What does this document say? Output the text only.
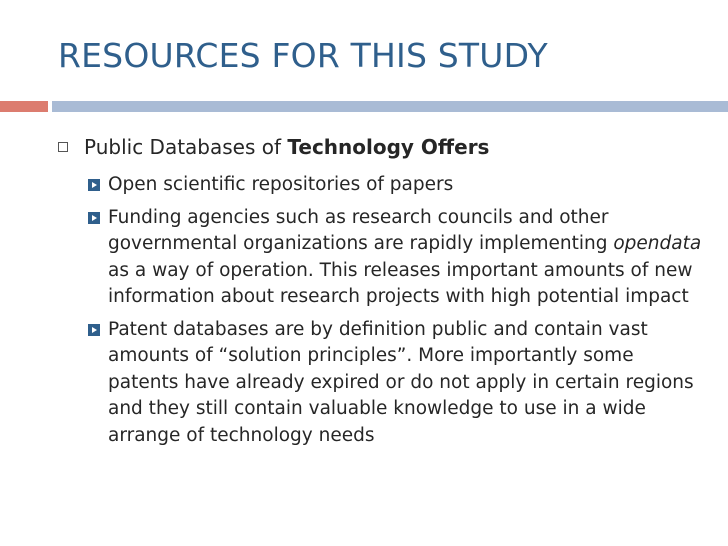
RESOURCES FOR THIS STUDY
Public Databases of Technology Offers
Open scientific repositories of papers
Funding agencies such as research councils and other governmental organizations are rapidly implementing opendata as a way of operation. This releases important amounts of new information about research projects with high potential impact
Patent databases are by definition public and contain vast amounts of “solution principles”. More importantly some patents have already expired or do not apply in certain regions and they still contain valuable knowledge to use in a wide arrange of technology needs
